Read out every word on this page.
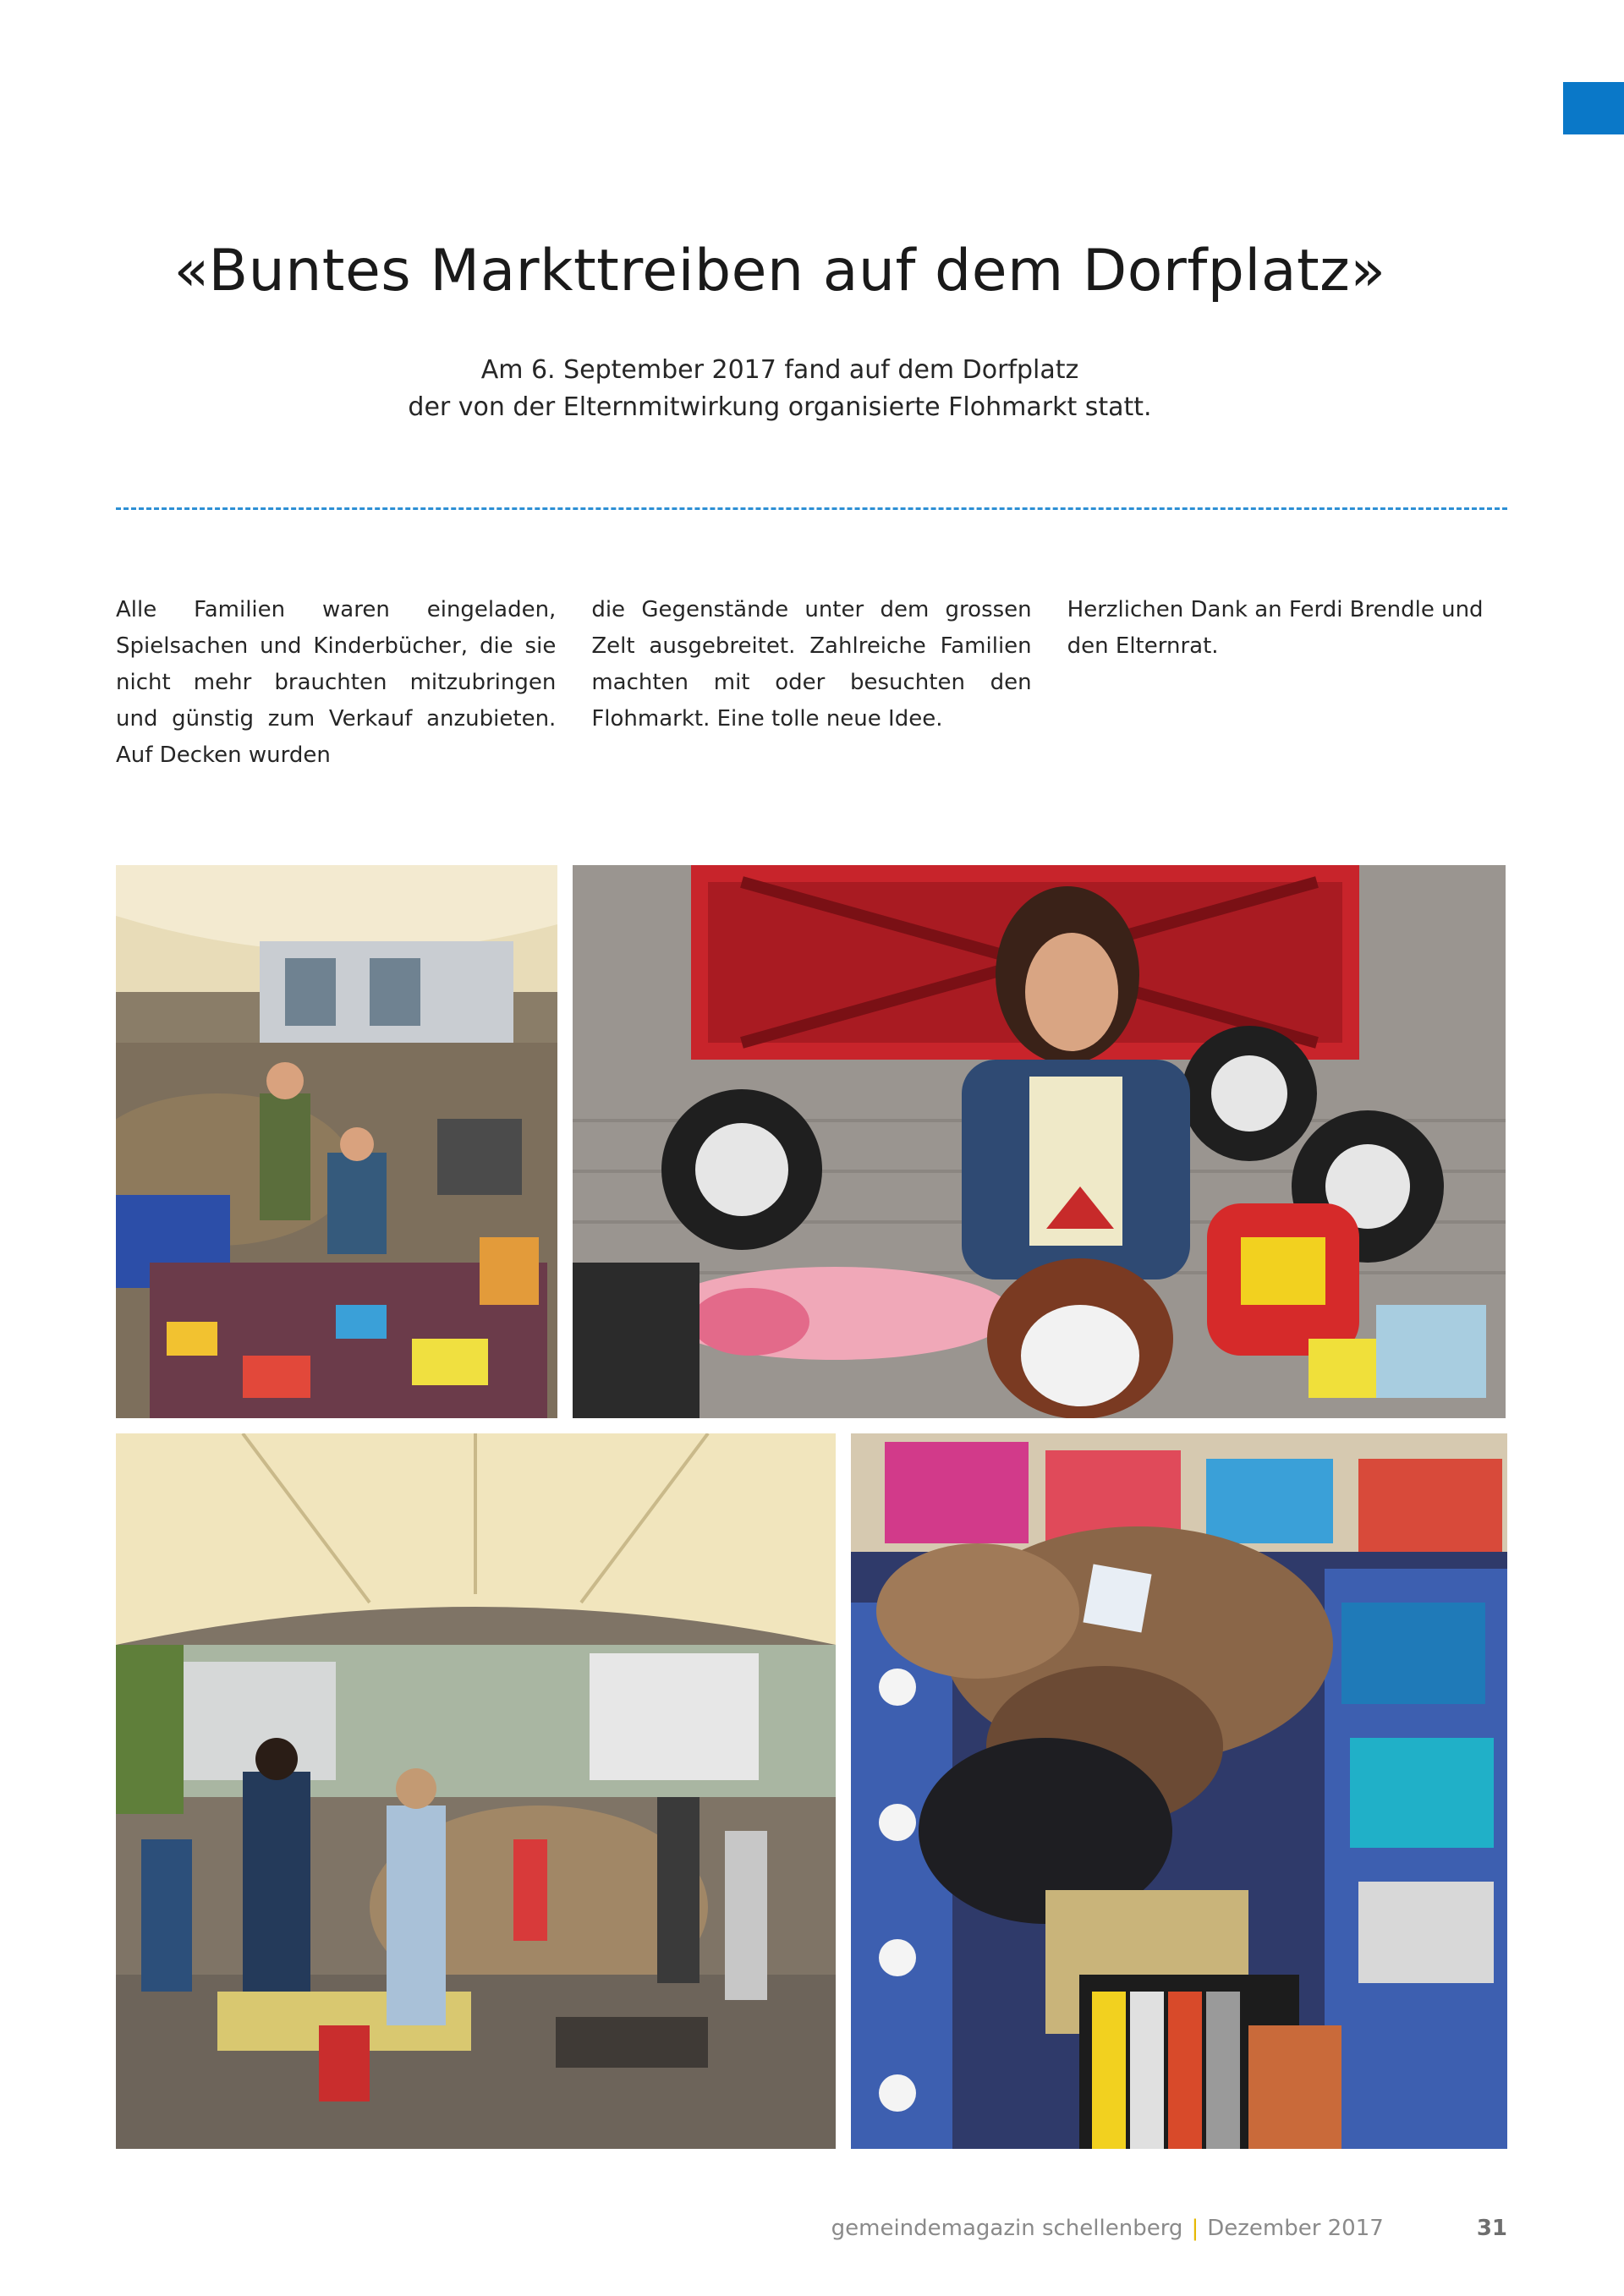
«Buntes Markttreiben auf dem Dorfplatz»

Am 6. September 2017 fand auf dem Dorfplatz
der von der Elternmitwirkung organisierte Flohmarkt statt.

Alle Familien waren eingeladen, Spielsachen und Kinderbücher, die sie nicht mehr brauchten mitzubringen und günstig zum Verkauf anzubieten. Auf Decken wurden

die Gegenstände unter dem grossen Zelt ausgebreitet. Zahlreiche Familien machten mit oder besuchten den Flohmarkt. Eine tolle neue Idee.

Herzlichen Dank an Ferdi Brendle und den Elternrat.

gemeindemagazin schellenberg | Dezember 2017	31
